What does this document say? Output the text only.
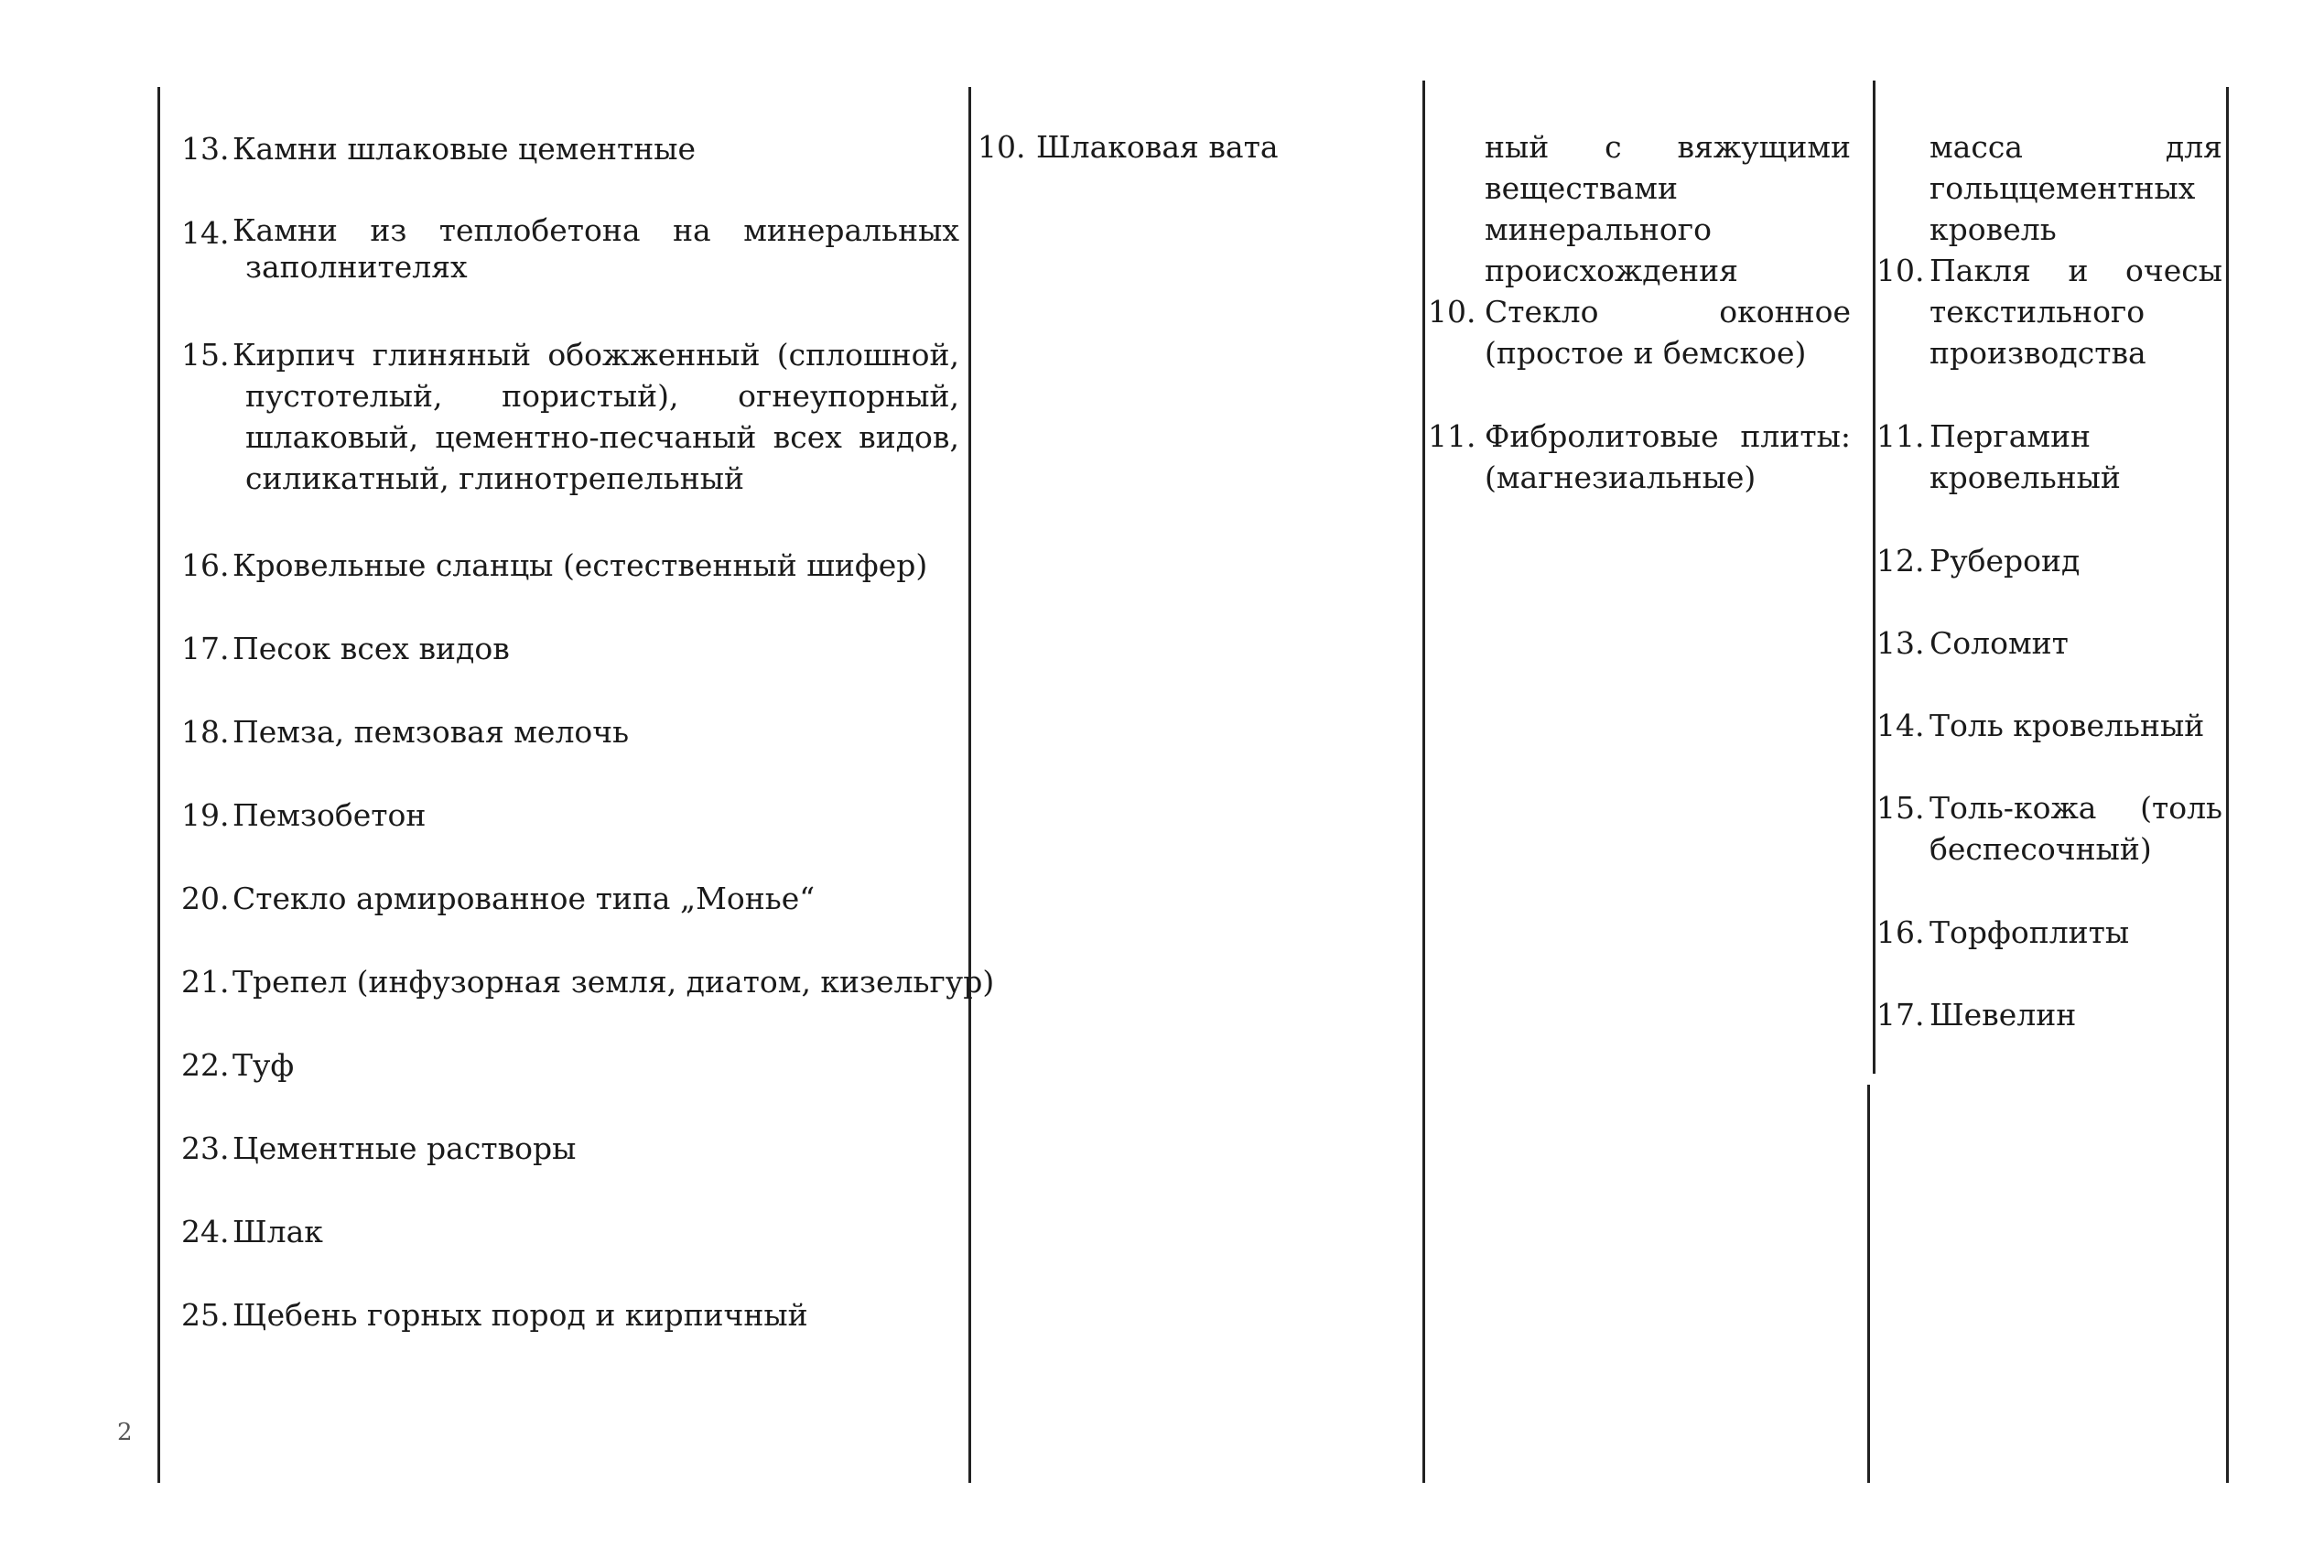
13. Камни шлаковые цементные
14. Камни из теплобетона на минеральных заполнителях
15. Кирпич глиняный обожженный (сплошной, пустотелый, пористый), огнеупорный, шлаковый, цементно-песчаный всех видов, силикатный, глинотрепельный
16. Кровельные сланцы (естественный шифер)
17. Песок всех видов
18. Пемза, пемзовая мелочь
19. Пемзобетон
20. Стекло армированное типа „Монье“
21. Трепел (инфузорная земля, диатом, кизельгур)
22. Туф
23. Цементные растворы
24. Шлак
25. Щебень горных пород и кирпичный
10. Шлаковая вата	ный с вяжущими веществами минерального происхождения
10. Стекло оконное (простое и бемское)
11. Фибролитовые плиты: (магнезиальные)
масса для гольццементных кровель
10. Пакля и очесы текстильного производства
11. Пергамин кровельный
12. Рубероид
13. Соломит
14. Толь кровельный
15. Толь-кожа (толь беспесочный)
16. Торфоплиты
17. Шевелин
2
